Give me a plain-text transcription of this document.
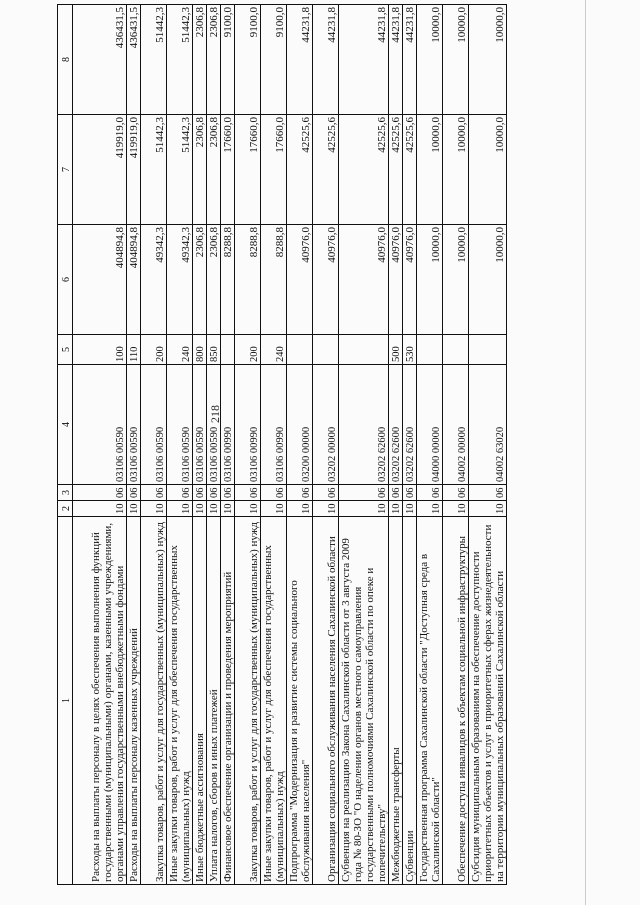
218
1	2	3	4	5	6	7	8
Расходы на выплаты персоналу в целях обеспечения выполнения функций государственными (муниципальными) органами, казенными учреждениями, органами управления государственными внебюджетными фондами	10	06	03106 00590	100	404894,8	419919,0	436431,5
Расходы на выплаты персоналу казенных учреждений	10	06	03106 00590	110	404894,8	419919,0	436431,5
Закупка товаров, работ и услуг для государственных (муниципальных) нужд	10	06	03106 00590	200	49342,3	51442,3	51442,3
Иные закупки товаров, работ и услуг для обеспечения государственных (муниципальных) нужд	10	06	03106 00590	240	49342,3	51442,3	51442,3
Иные бюджетные ассигнования	10	06	03106 00590	800	2306,8	2306,8	2306,8
Уплата налогов, сборов и иных платежей	10	06	03106 00590	850	2306,8	2306,8	2306,8
Финансовое обеспечение организации и проведения мероприятий	10	06	03106 00990		8288,8	17660,0	9100,0
Закупка товаров, работ и услуг для государственных (муниципальных) нужд	10	06	03106 00990	200	8288,8	17660,0	9100,0
Иные закупки товаров, работ и услуг для обеспечения государственных (муниципальных) нужд	10	06	03106 00990	240	8288,8	17660,0	9100,0
Подпрограмма "Модернизация и развитие системы социального обслуживания населения"	10	06	03200 00000		40976,0	42525,6	44231,8
Организация социального обслуживания населения Сахалинской области	10	06	03202 00000		40976,0	42525,6	44231,8
Субвенция на реализацию Закона Сахалинской области от 3 августа 2009 года № 80-ЗО "О наделении органов местного самоуправления государственными полномочиями Сахалинской области по опеке и попечительству"	10	06	03202 62600		40976,0	42525,6	44231,8
Межбюджетные трансферты	10	06	03202 62600	500	40976,0	42525,6	44231,8
Субвенции	10	06	03202 62600	530	40976,0	42525,6	44231,8
Государственная программа Сахалинской области "Доступная среда в Сахалинской области"	10	06	04000 00000		10000,0	10000,0	10000,0
Обеспечение доступа инвалидов к объектам социальной инфраструктуры	10	06	04002 00000		10000,0	10000,0	10000,0
Субсидия муниципальным образованиям на обеспечение доступности приоритетных объектов и услуг в приоритетных сферах жизнедеятельности на территории муниципальных образований Сахалинской области	10	06	04002 63020		10000,0	10000,0	10000,0
